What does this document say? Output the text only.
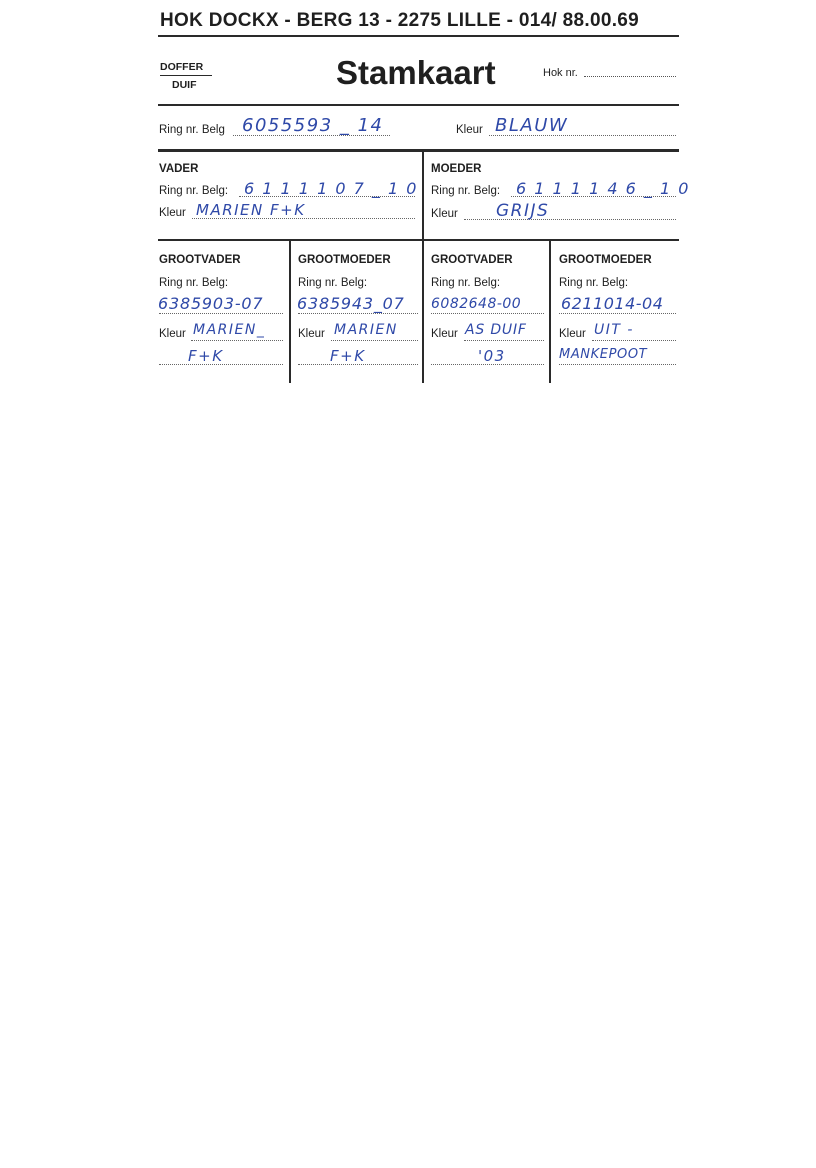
HOK DOCKX - BERG 13 - 2275 LILLE - 014/ 88.00.69
DOFFER
DUIF	Stamkaart	Hok nr.
Ring nr. Belg 6055593 _ 14	Kleur BLAUW
VADER
Ring nr. Belg: 6 1 1 1 1 0 7 _ 1 0
Kleur MARIEN F+K
MOEDER
Ring nr. Belg: 6 1 1 1 1 4 6 _ 1 0
Kleur GRIJS
GROOTVADER
Ring nr. Belg:
6385903-07
Kleur MARIEN_
F+K
GROOTMOEDER
Ring nr. Belg:
6385943_07
Kleur MARIEN
F+K
GROOTVADER
Ring nr. Belg:
6082648-00
Kleur AS DUIF
'03
GROOTMOEDER
Ring nr. Belg:
6211014-04
Kleur UIT -
MANKEPOOT
